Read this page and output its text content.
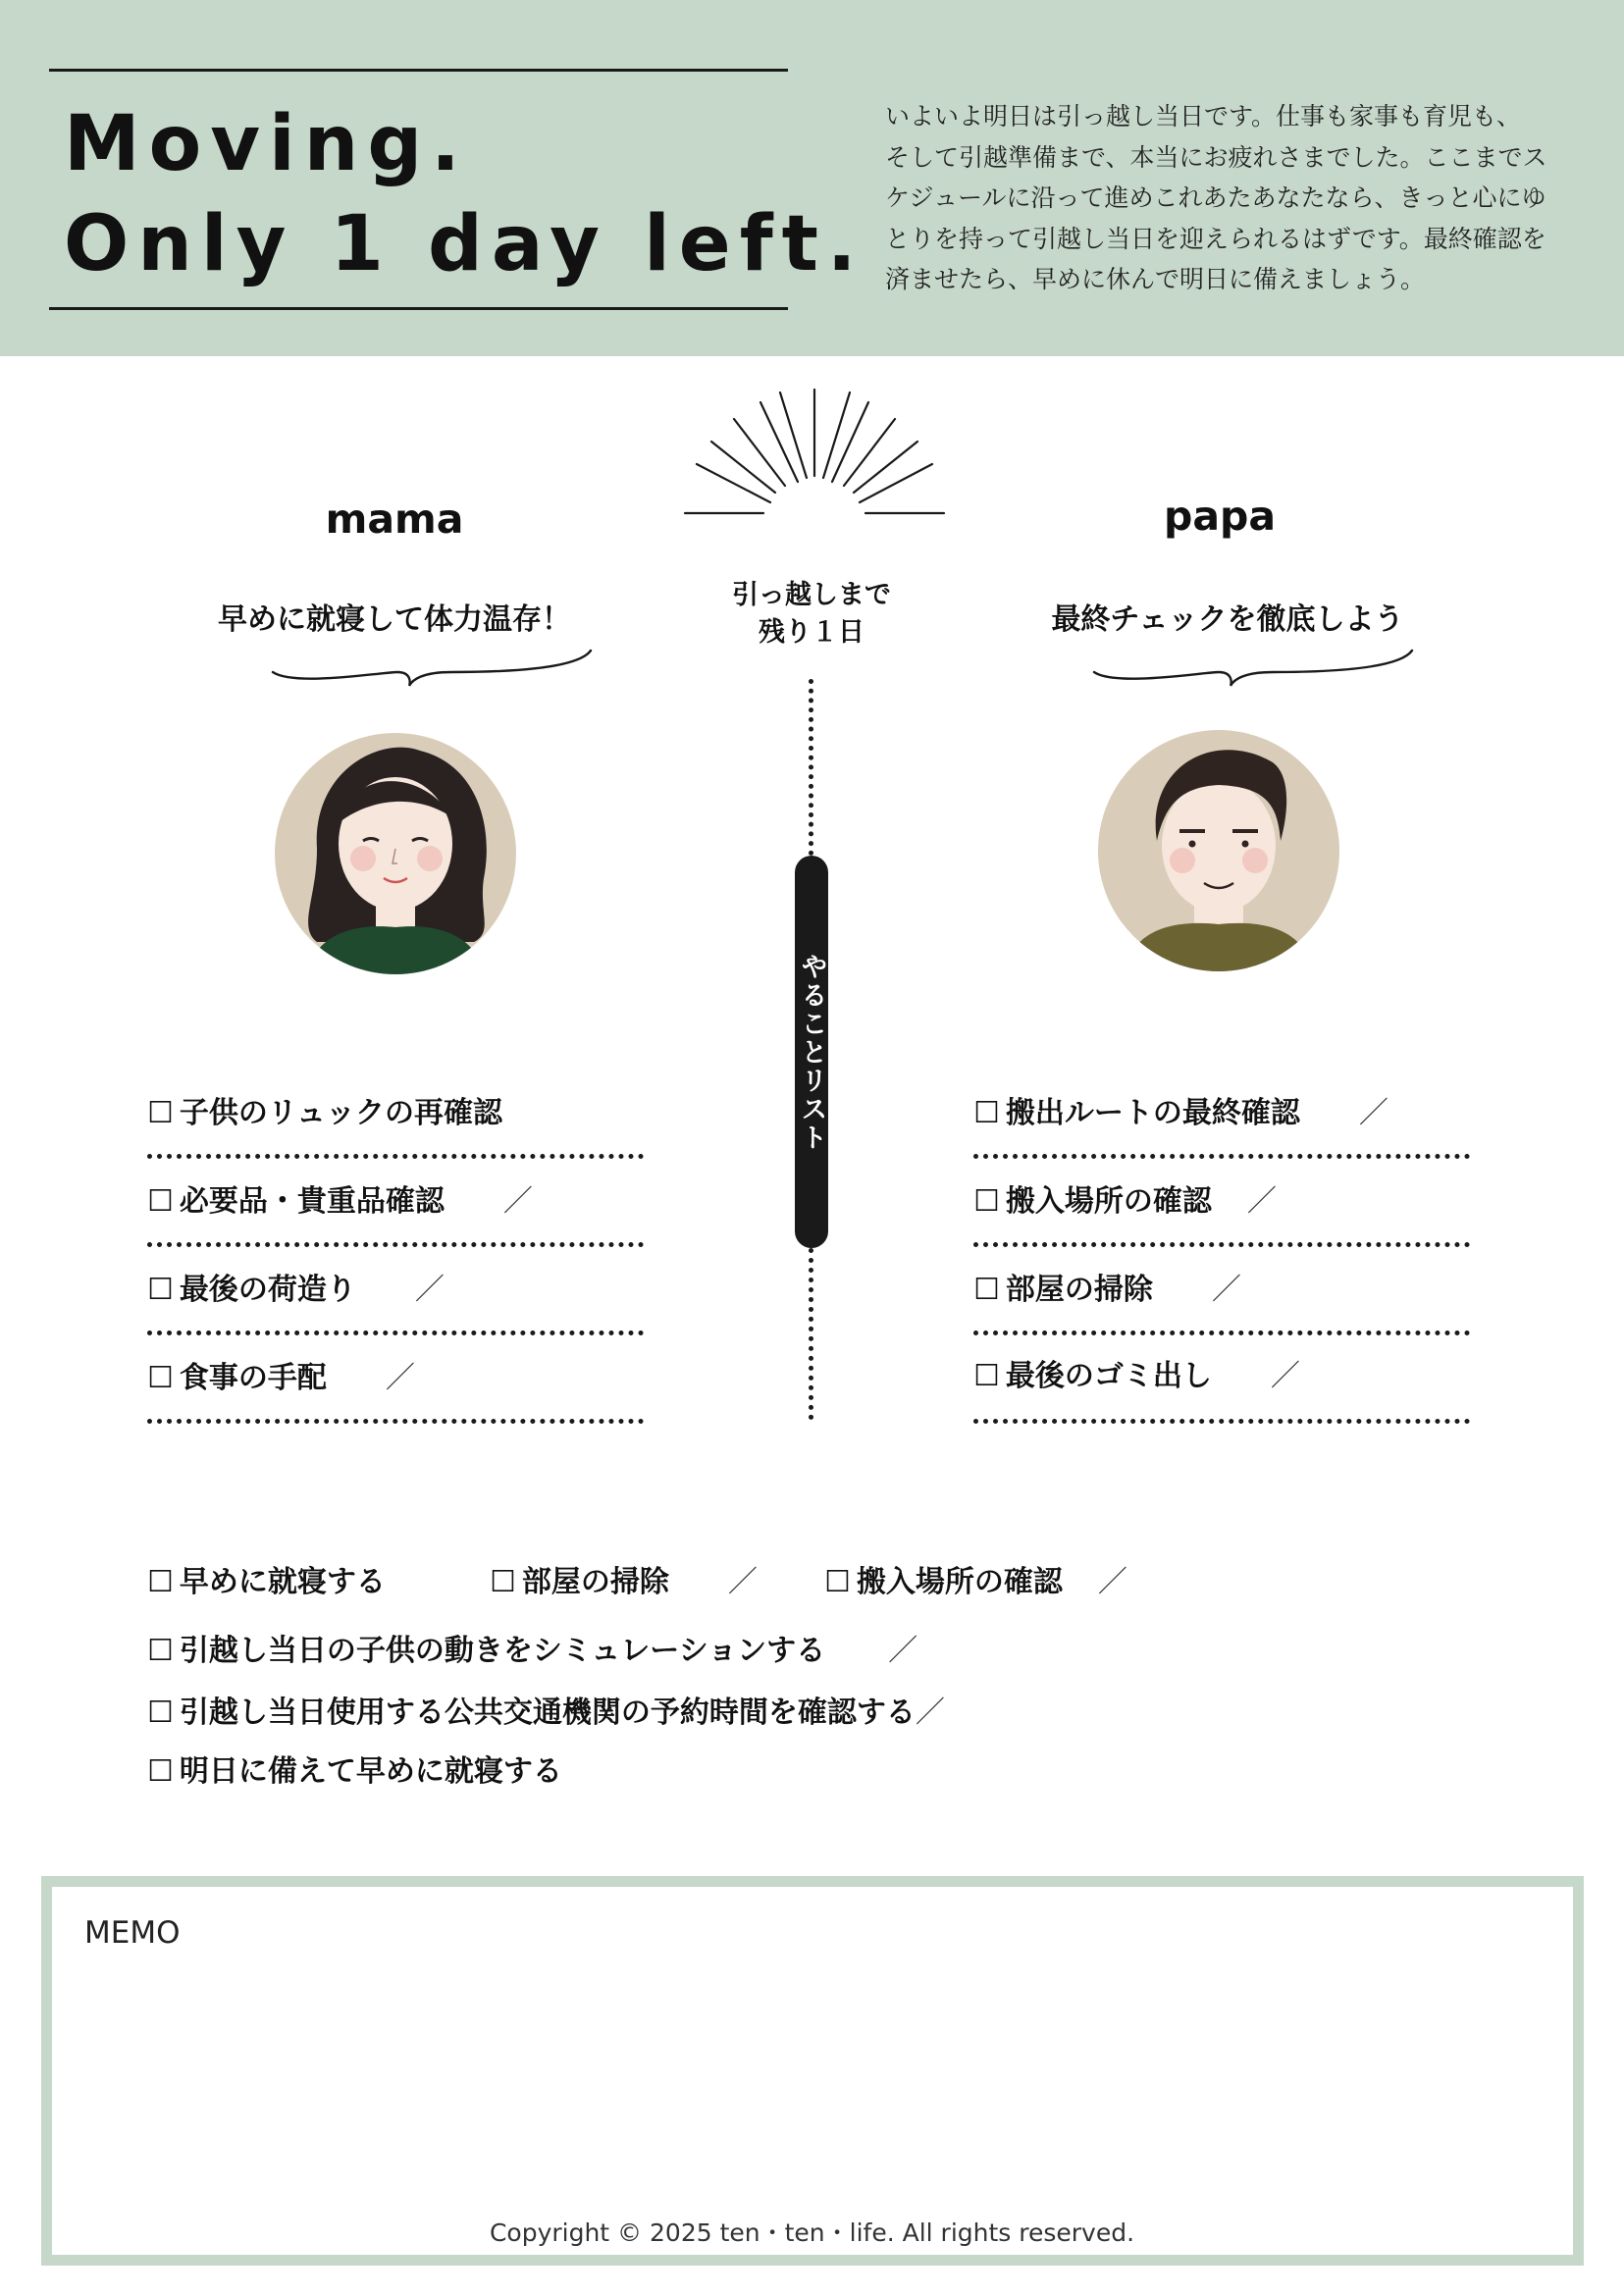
Moving.
Only 1 day left.
いよいよ明日は引っ越し当日です。仕事も家事も育児も、
そして引越準備まで、本当にお疲れさまでした。ここまでス
ケジュールに沿って進めこれあたあなたなら、きっと心にゆ
とりを持って引越し当日を迎えられるはずです。最終確認を
済ませたら、早めに休んで明日に備えましょう。
mama	papa
早めに就寝して体力温存！	最終チェックを徹底しよう
引っ越しまで
残り１日
やることリスト
☐ 子供のリュックの再確認
☐ 必要品・貴重品確認 ／
☐ 最後の荷造り ／
☐ 食事の手配 ／
☐ 搬出ルートの最終確認 ／
☐ 搬入場所の確認 ／
☐ 部屋の掃除 ／
☐ 最後のゴミ出し ／
☐ 早めに就寝する	☐ 部屋の掃除 ／ ☐ 搬入場所の確認 ／
☐ 引越し当日の子供の動きをシミュレーションする ／
☐ 引越し当日使用する公共交通機関の予約時間を確認する／
☐ 明日に備えて早めに就寝する
MEMO
Copyright © 2025 ten・ten・life. All rights reserved.
